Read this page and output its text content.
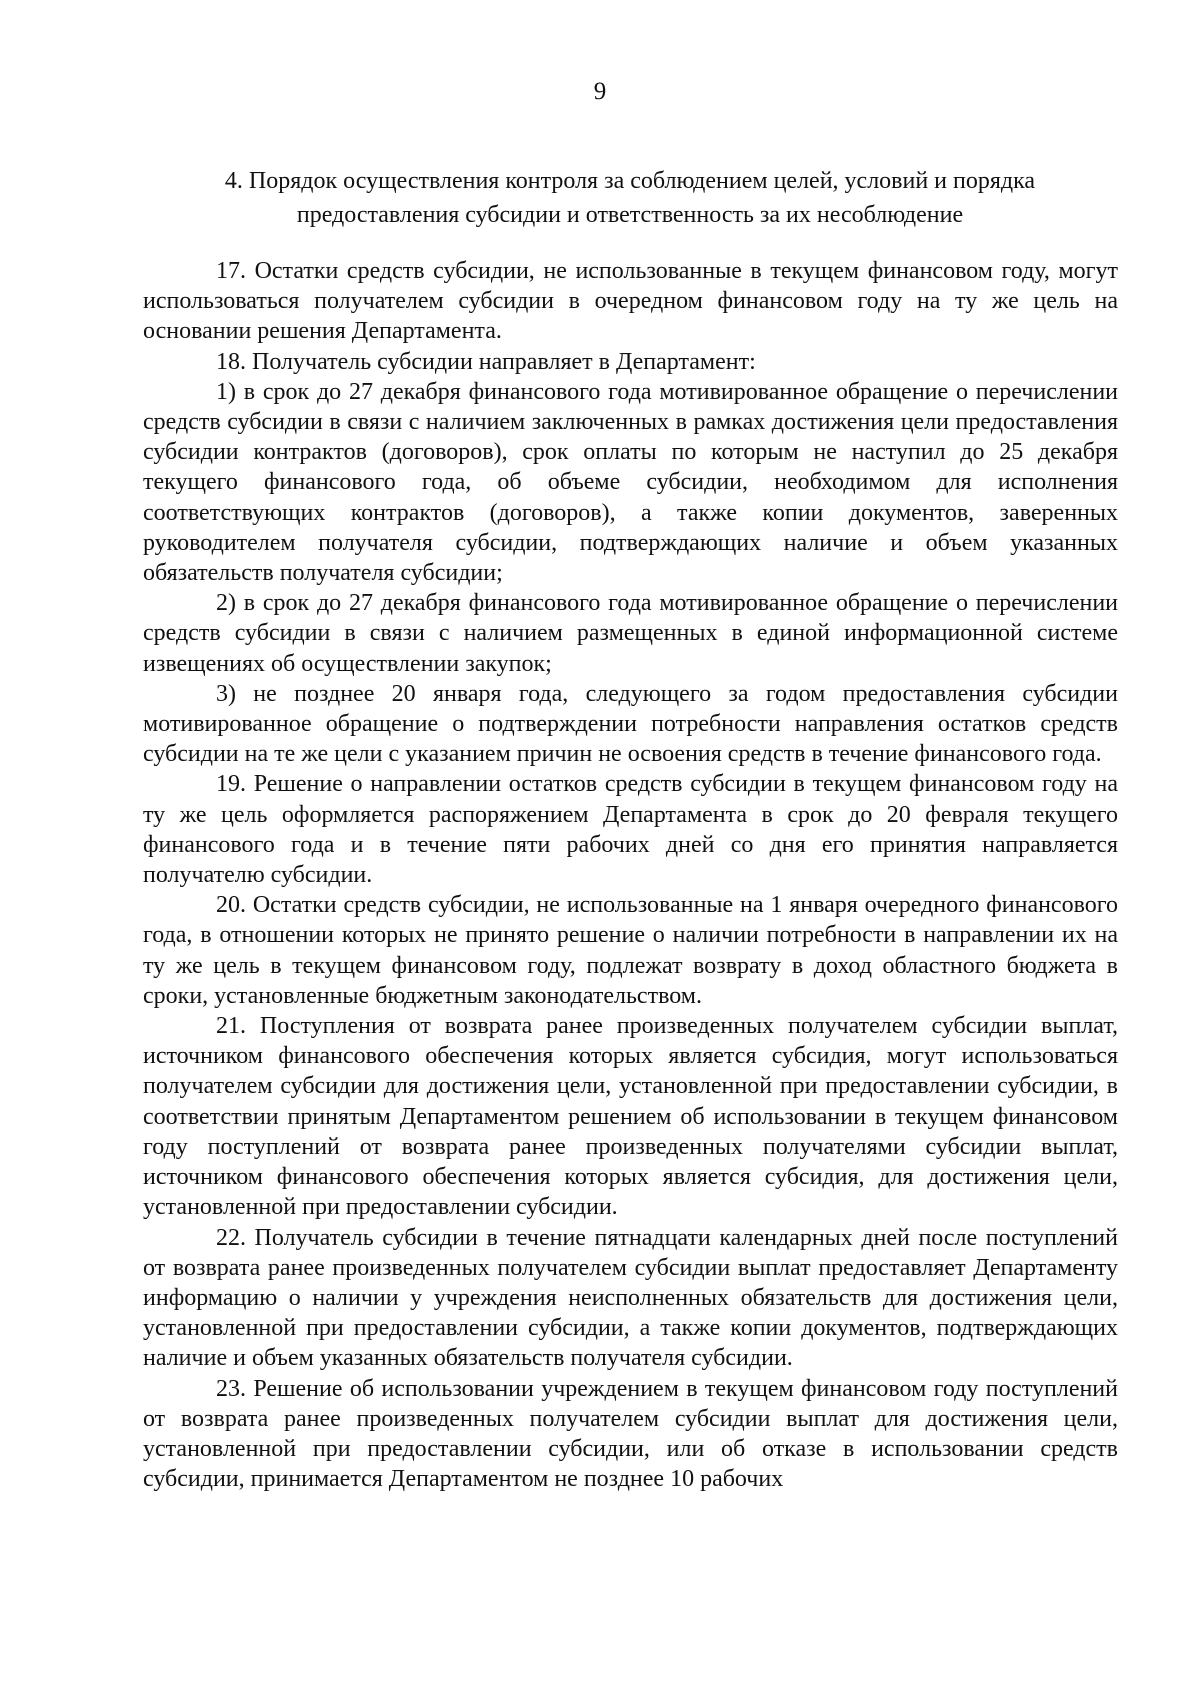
9
4. Порядок осуществления контроля за соблюдением целей, условий и порядка
предоставления субсидии и ответственность за их несоблюдение

17. Остатки средств субсидии, не использованные в текущем финансовом году, могут использоваться получателем субсидии в очередном финансовом году на ту же цель на основании решения Департамента.

18. Получатель субсидии направляет в Департамент:

1) в срок до 27 декабря финансового года мотивированное обращение о перечислении средств субсидии в связи с наличием заключенных в рамках достижения цели предоставления субсидии контрактов (договоров), срок оплаты по которым не наступил до 25 декабря текущего финансового года, об объеме субсидии, необходимом для исполнения соответствующих контрактов (договоров), а также копии документов, заверенных руководителем получателя субсидии, подтверждающих наличие и объем указанных обязательств получателя субсидии;

2) в срок до 27 декабря финансового года мотивированное обращение о перечислении средств субсидии в связи с наличием размещенных в единой информационной системе извещениях об осуществлении закупок;

3) не позднее 20 января года, следующего за годом предоставления субсидии мотивированное обращение о подтверждении потребности направления остатков средств субсидии на те же цели с указанием причин не освоения средств в течение финансового года.

19. Решение о направлении остатков средств субсидии в текущем финансовом году на ту же цель оформляется распоряжением Департамента в срок до 20 февраля текущего финансового года и в течение пяти рабочих дней со дня его принятия направляется получателю субсидии.

20. Остатки средств субсидии, не использованные на 1 января очередного финансового года, в отношении которых не принято решение о наличии потребности в направлении их на ту же цель в текущем финансовом году, подлежат возврату в доход областного бюджета в сроки, установленные бюджетным законодательством.

21. Поступления от возврата ранее произведенных получателем субсидии выплат, источником финансового обеспечения которых является субсидия, могут использоваться получателем субсидии для достижения цели, установленной при предоставлении субсидии, в соответствии принятым Департаментом решением об использовании в текущем финансовом году поступлений от возврата ранее произведенных получателями субсидии выплат, источником финансового обеспечения которых является субсидия, для достижения цели, установленной при предоставлении субсидии.

22. Получатель субсидии в течение пятнадцати календарных дней после поступлений от возврата ранее произведенных получателем субсидии выплат предоставляет Департаменту информацию о наличии у учреждения неисполненных обязательств для достижения цели, установленной при предоставлении субсидии, а также копии документов, подтверждающих наличие и объем указанных обязательств получателя субсидии.

23. Решение об использовании учреждением в текущем финансовом году поступлений от возврата ранее произведенных получателем субсидии выплат для достижения цели, установленной при предоставлении субсидии, или об отказе в использовании средств субсидии, принимается Департаментом не позднее 10 рабочих
